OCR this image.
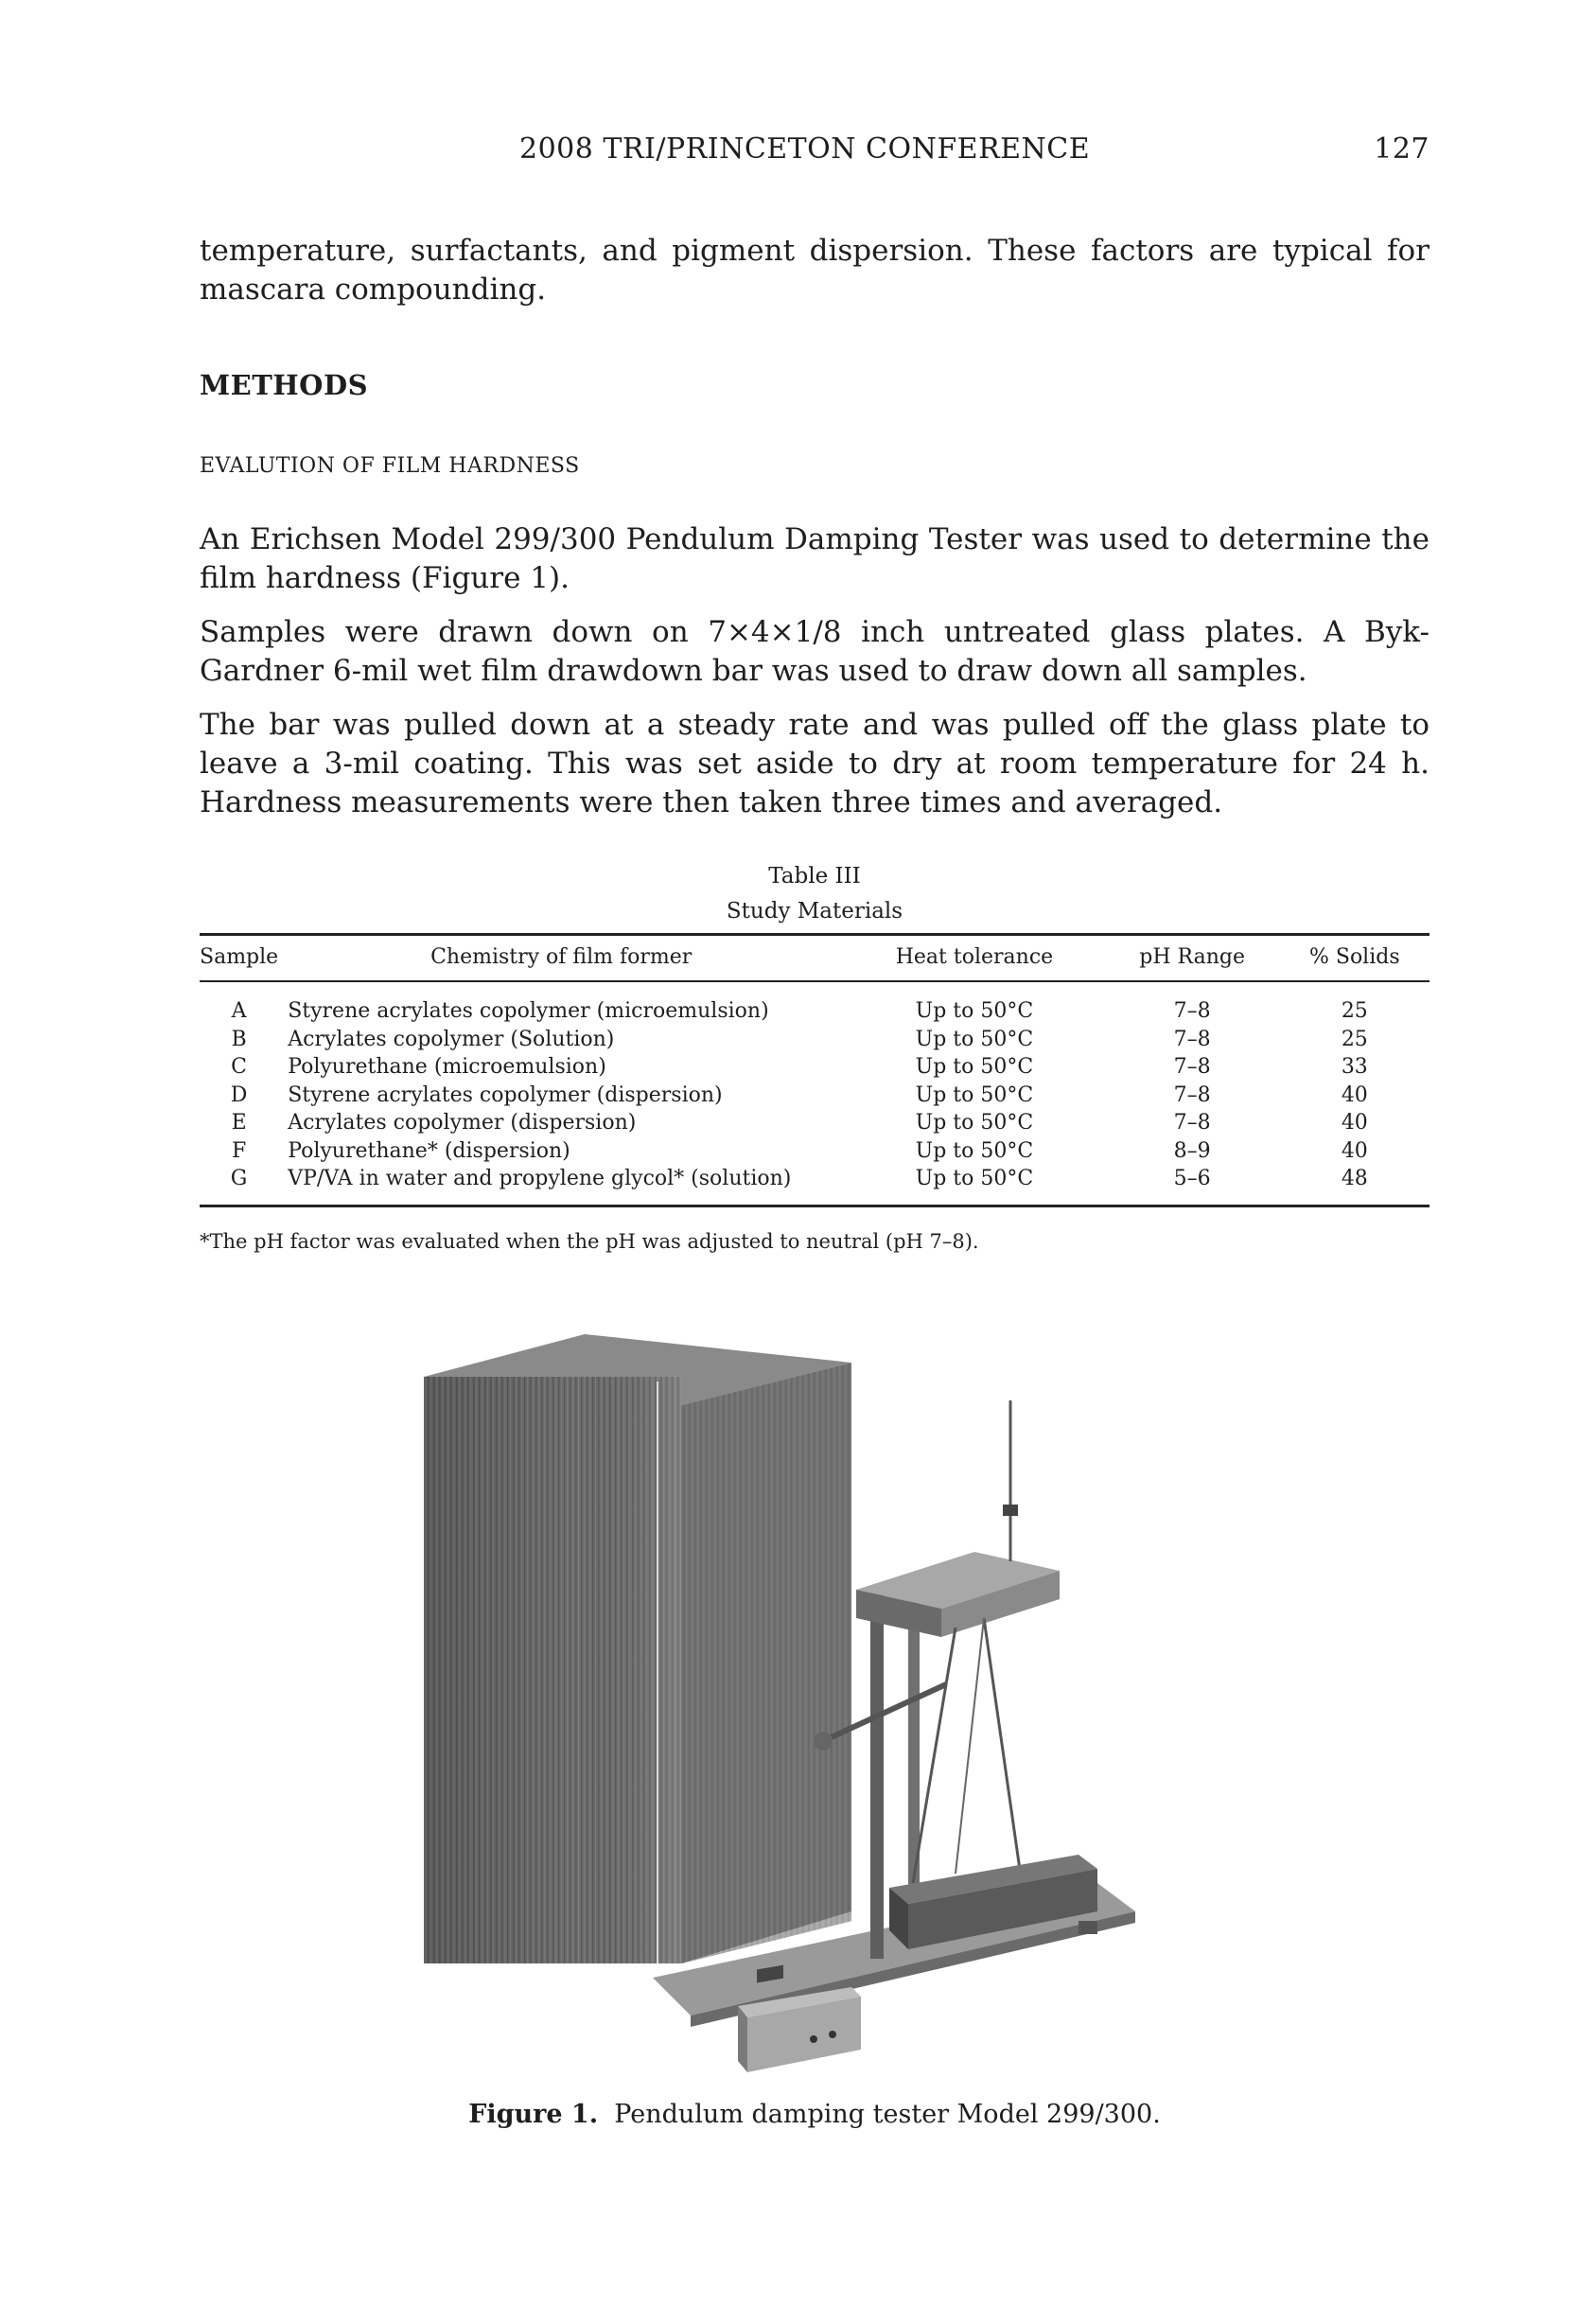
2008 TRI/PRINCETON CONFERENCE	127

temperature, surfactants, and pigment dispersion. These factors are typical for mascara compounding.

METHODS
EVALUTION OF FILM HARDNESS

An Erichsen Model 299/300 Pendulum Damping Tester was used to determine the film hardness (Figure 1).

Samples were drawn down on 7×4×1/8 inch untreated glass plates. A Byk-Gardner 6-mil wet film drawdown bar was used to draw down all samples.

The bar was pulled down at a steady rate and was pulled off the glass plate to leave a 3-mil coating. This was set aside to dry at room temperature for 24 h. Hardness measurements were then taken three times and averaged.

Table III
Study Materials
Sample	Chemistry of film former	Heat tolerance	pH Range	% Solids
A	Styrene acrylates copolymer (microemulsion)	Up to 50°C	7–8	25
B	Acrylates copolymer (Solution)	Up to 50°C	7–8	25
C	Polyurethane (microemulsion)	Up to 50°C	7–8	33
D	Styrene acrylates copolymer (dispersion)	Up to 50°C	7–8	40
E	Acrylates copolymer (dispersion)	Up to 50°C	7–8	40
F	Polyurethane* (dispersion)	Up to 50°C	8–9	40
G	VP/VA in water and propylene glycol* (solution)	Up to 50°C	5–6	48
*The pH factor was evaluated when the pH was adjusted to neutral (pH 7–8).
Figure 1. Pendulum damping tester Model 299/300.
